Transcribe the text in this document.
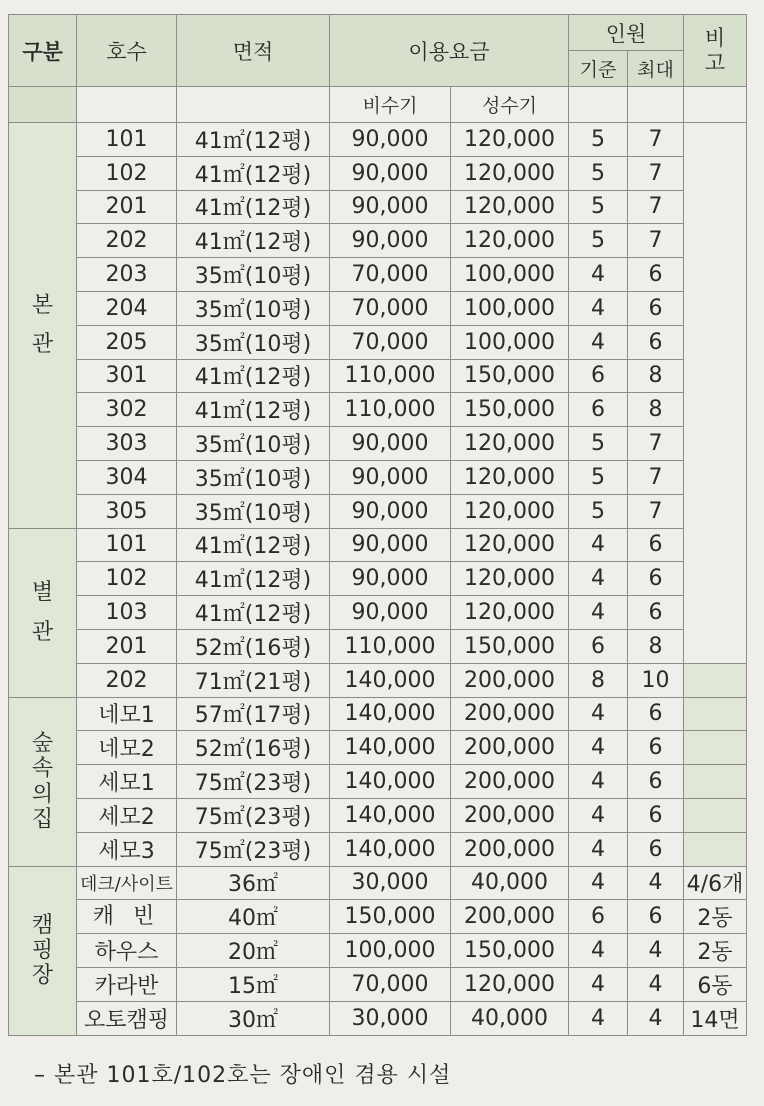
구분	호수	면적	이용요금		인원		비
고

					기준	최대	
			비수기	성수기			

본
관	101	41㎡(12평)	90,000	120,000	5	7	
	102	41㎡(12평)	90,000	120,000	5	7	
	201	41㎡(12평)	90,000	120,000	5	7	
	202	41㎡(12평)	90,000	120,000	5	7	
	203	35㎡(10평)	70,000	100,000	4	6	
	204	35㎡(10평)	70,000	100,000	4	6	
	205	35㎡(10평)	70,000	100,000	4	6	
	301	41㎡(12평)	110,000	150,000	6	8	
	302	41㎡(12평)	110,000	150,000	6	8	
	303	35㎡(10평)	90,000	120,000	5	7	
	304	35㎡(10평)	90,000	120,000	5	7	
	305	35㎡(10평)	90,000	120,000	5	7	

별
관	101	41㎡(12평)	90,000	120,000	4	6	
	102	41㎡(12평)	90,000	120,000	4	6	
	103	41㎡(12평)	90,000	120,000	4	6	
	201	52㎡(16평)	110,000	150,000	6	8	
	202	71㎡(21평)	140,000	200,000	8	10	

숲
속
의
집	네모1	57㎡(17평)	140,000	200,000	4	6	
	네모2	52㎡(16평)	140,000	200,000	4	6	
	세모1	75㎡(23평)	140,000	200,000	4	6	
	세모2	75㎡(23평)	140,000	200,000	4	6	
	세모3	75㎡(23평)	140,000	200,000	4	6	

캠
핑
장	데크/사이트	36㎡	30,000	40,000	4	4	4/6개
	캐 빈	40㎡	150,000	200,000	6	6	2동
	하우스	20㎡	100,000	150,000	4	4	2동
	카라반	15㎡	70,000	120,000	4	4	6동
	오토캠핑	30㎡	30,000	40,000	4	4	14면
– 본관 101호/102호는 장애인 겸용 시설
